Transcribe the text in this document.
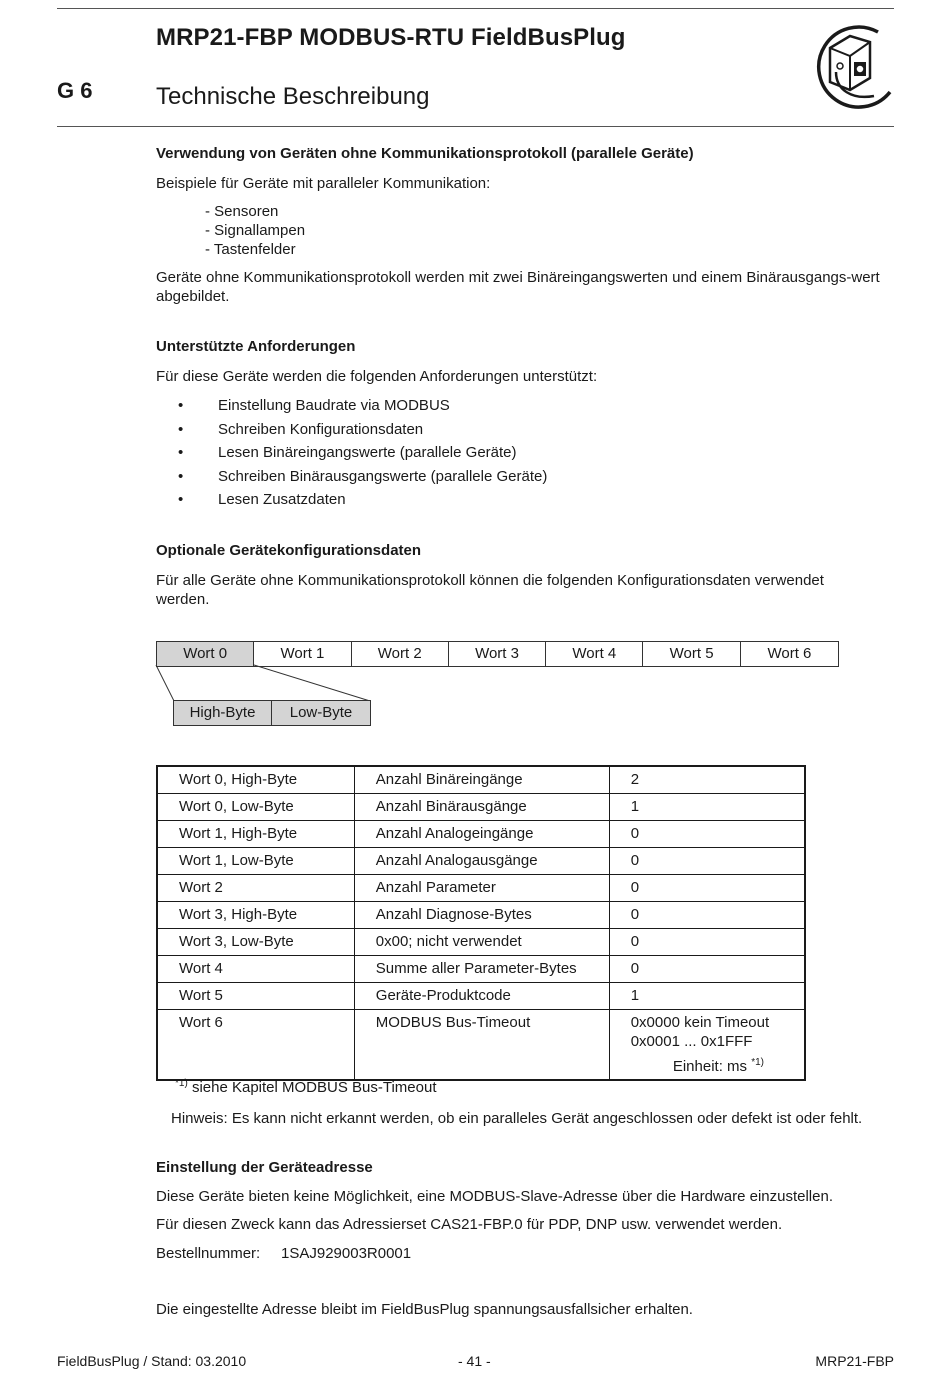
MRP21-FBP MODBUS-RTU FieldBusPlug
G 6	Technische Beschreibung
Verwendung von Geräten ohne Kommunikationsprotokoll (parallele Geräte)
Beispiele für Geräte mit paralleler Kommunikation:
- Sensoren
- Signallampen
- Tastenfelder
Geräte ohne Kommunikationsprotokoll werden mit zwei Binäreingangswerten und einem Binärausgangs-wert abgebildet.
Unterstützte Anforderungen
Für diese Geräte werden die folgenden Anforderungen unterstützt:
• Einstellung Baudrate via MODBUS
• Schreiben Konfigurationsdaten
• Lesen Binäreingangswerte (parallele Geräte)
• Schreiben Binärausgangswerte (parallele Geräte)
• Lesen Zusatzdaten
Optionale Gerätekonfigurationsdaten
Für alle Geräte ohne Kommunikationsprotokoll können die folgenden Konfigurationsdaten verwendet werden.
Wort 0	Wort 1	Wort 2	Wort 3	Wort 4	Wort 5	Wort 6
High-Byte	Low-Byte
Wort 0, High-Byte	Anzahl Binäreingänge	2
Wort 0, Low-Byte	Anzahl Binärausgänge	1
Wort 1, High-Byte	Anzahl Analogeingänge	0
Wort 1, Low-Byte	Anzahl Analogausgänge	0
Wort 2	Anzahl Parameter	0
Wort 3, High-Byte	Anzahl Diagnose-Bytes	0
Wort 3, Low-Byte	0x00; nicht verwendet	0
Wort 4	Summe aller Parameter-Bytes	0
Wort 5	Geräte-Produktcode	1
Wort 6	MODBUS Bus-Timeout	0x0000 kein Timeout
0x0001 ... 0x1FFF
Einheit: ms $^{*1)}$
$^{*1)}$ siehe Kapitel MODBUS Bus-Timeout
Hinweis: Es kann nicht erkannt werden, ob ein paralleles Gerät angeschlossen oder defekt ist oder fehlt.
Einstellung der Geräteadresse
Diese Geräte bieten keine Möglichkeit, eine MODBUS-Slave-Adresse über die Hardware einzustellen.
Für diesen Zweck kann das Adressierset CAS21-FBP.0 für PDP, DNP usw. verwendet werden.
Bestellnummer: 1SAJ929003R0001
Die eingestellte Adresse bleibt im FieldBusPlug spannungsausfallsicher erhalten.
FieldBusPlug / Stand: 03.2010	- 41 -	MRP21-FBP
